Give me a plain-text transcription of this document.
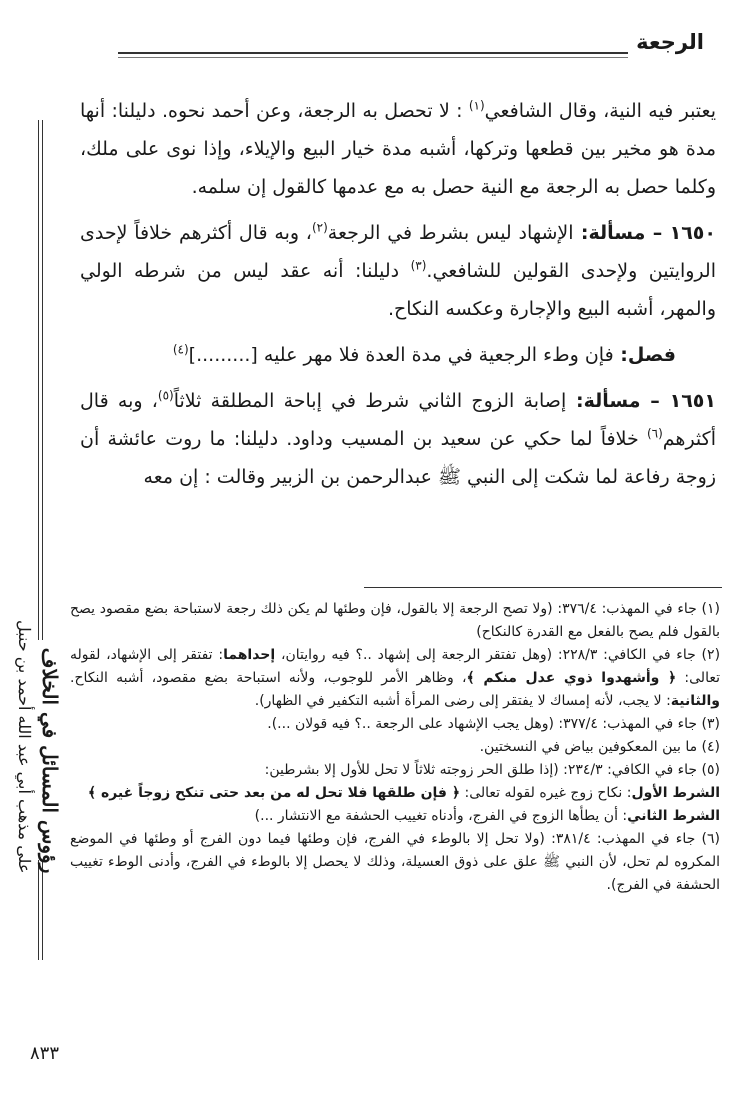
الرجعة
رؤوس المسائل في الخلاف
على مذهب أبي عبد الله أحمد بن حنبل

يعتبر فيه النية، وقال الشافعي$^{(١)}$ : لا تحصل به الرجعة، وعن أحمد نحوه. دليلنا: أنها مدة هو مخير بين قطعها وتركها، أشبه مدة خيار البيع والإيلاء، وإذا نوى على ملك، وكلما حصل به الرجعة مع النية حصل به مع عدمها كالقول إن سلمه.

١٦٥٠ – مسألة: الإشهاد ليس بشرط في الرجعة$^{(٢)}$، وبه قال أكثرهم خلافاً لإحدى الروايتين ولإحدى القولين للشافعي.$^{(٣)}$ دليلنا: أنه عقد ليس من شرطه الولي والمهر، أشبه البيع والإجارة وعكسه النكاح.

فصل: فإن وطء الرجعية في مدة العدة فلا مهر عليه [.........]$^{(٤)}$

١٦٥١ – مسألة: إصابة الزوج الثاني شرط في إباحة المطلقة ثلاثاً$^{(٥)}$، وبه قال أكثرهم$^{(٦)}$ خلافاً لما حكي عن سعيد بن المسيب وداود. دليلنا: ما روت عائشة أن زوجة رفاعة لما شكت إلى النبي ﷺ عبدالرحمن بن الزبير وقالت : إن معه

(١) جاء في المهذب: ٣٧٦/٤: (ولا تصح الرجعة إلا بالقول، فإن وطئها لم يكن ذلك رجعة لاستباحة بضع مقصود يصح بالقول فلم يصح بالفعل مع القدرة كالنكاح)

(٢) جاء في الكافي: ٢٢٨/٣: (وهل تفتقر الرجعة إلى إشهاد ..؟ فيه روايتان، إحداهما: تفتقر إلى الإشهاد، لقوله تعالى: ﴿ وأشهدوا ذوي عدل منكم ﴾، وظاهر الأمر للوجوب، ولأنه استباحة بضع مقصود، أشبه النكاح. والثانية: لا يجب، لأنه إمساك لا يفتقر إلى رضى المرأة أشبه التكفير في الظهار).

(٣) جاء في المهذب: ٣٧٧/٤: (وهل يجب الإشهاد على الرجعة ..؟ فيه قولان ...).

(٤) ما بين المعكوفين بياض في النسختين.

(٥) جاء في الكافي: ٢٣٤/٣: (إذا طلق الحر زوجته ثلاثاً لا تحل للأول إلا بشرطين:

الشرط الأول: نكاح زوج غيره لقوله تعالى: ﴿ فإن طلقها فلا تحل له من بعد حتى تنكح زوجاً غيره ﴾

الشرط الثاني: أن يطأها الزوج في الفرج، وأدناه تغييب الحشفة مع الانتشار ...)

(٦) جاء في المهذب: ٣٨١/٤: (ولا تحل إلا بالوطء في الفرج، فإن وطئها فيما دون الفرج أو وطئها في الموضع المكروه لم تحل، لأن النبي ﷺ علق على ذوق العسيلة، وذلك لا يحصل إلا بالوطء في الفرج، وأدنى الوطء تغييب الحشفة في الفرج).

٨٣٣
